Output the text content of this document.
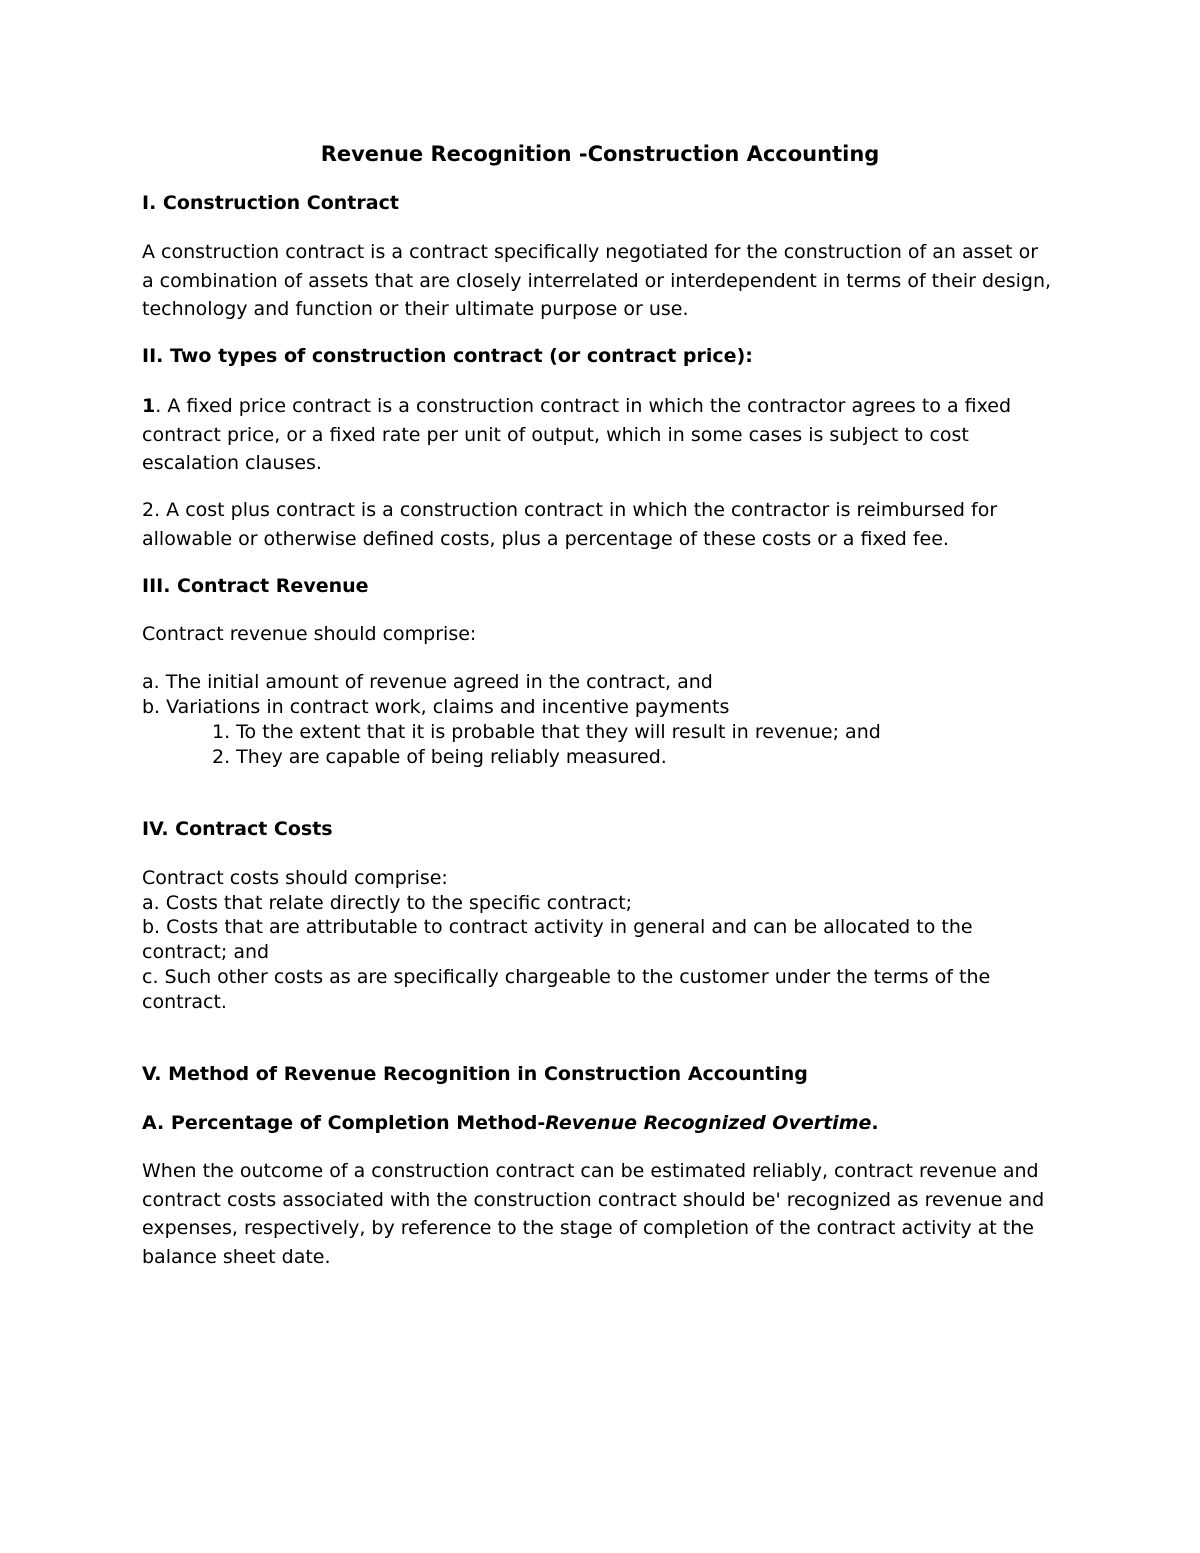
Revenue Recognition -Construction Accounting

I. Construction Contract

A construction contract is a contract specifically negotiated for the construction of an asset or a combination of assets that are closely interrelated or interdependent in terms of their design, technology and function or their ultimate purpose or use.

II. Two types of construction contract (or contract price):

1. A fixed price contract is a construction contract in which the contractor agrees to a fixed contract price, or a fixed rate per unit of output, which in some cases is subject to cost escalation clauses.

2. A cost plus contract is a construction contract in which the contractor is reimbursed for allowable or otherwise defined costs, plus a percentage of these costs or a fixed fee.

III. Contract Revenue

Contract revenue should comprise:

a. The initial amount of revenue agreed in the contract, and

b. Variations in contract work, claims and incentive payments

1. To the extent that it is probable that they will result in revenue; and

2. They are capable of being reliably measured.

IV. Contract Costs

Contract costs should comprise:

a. Costs that relate directly to the specific contract;

b. Costs that are attributable to contract activity in general and can be allocated to the contract; and

c. Such other costs as are specifically chargeable to the customer under the terms of the contract.

V. Method of Revenue Recognition in Construction Accounting

A. Percentage of Completion Method-Revenue Recognized Overtime.

When the outcome of a construction contract can be estimated reliably, contract revenue and contract costs associated with the construction contract should be' recognized as revenue and expenses, respectively, by reference to the stage of completion of the contract activity at the balance sheet date.
